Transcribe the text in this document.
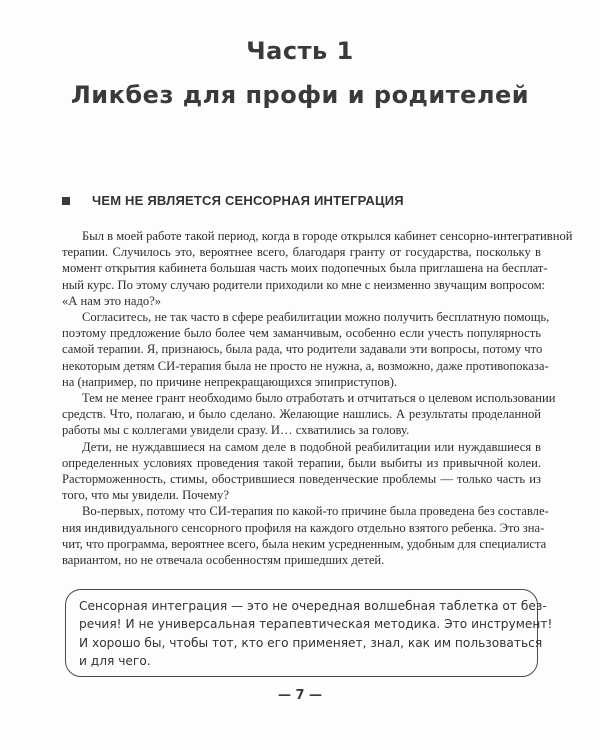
Часть 1
Ликбез для профи и родителей
ЧЕМ НЕ ЯВЛЯЕТСЯ СЕНСОРНАЯ ИНТЕГРАЦИЯ
Был в моей работе такой период, когда в городе открылся кабинет сенсорно-интегративной
терапии. Случилось это, вероятнее всего, благодаря гранту от государства, поскольку в
момент открытия кабинета большая часть моих подопечных была приглашена на бесплат-
ный курс. По этому случаю родители приходили ко мне с неизменно звучащим вопросом:
«А нам это надо?»
Согласитесь, не так часто в сфере реабилитации можно получить бесплатную помощь,
поэтому предложение было более чем заманчивым, особенно если учесть популярность
самой терапии. Я, признаюсь, была рада, что родители задавали эти вопросы, потому что
некоторым детям СИ-терапия была не просто не нужна, а, возможно, даже противопоказа-
на (например, по причине непрекращающихся эпиприступов).
Тем не менее грант необходимо было отработать и отчитаться о целевом использовании
средств. Что, полагаю, и было сделано. Желающие нашлись. А результаты проделанной
работы мы с коллегами увидели сразу. И… схватились за голову.
Дети, не нуждавшиеся на самом деле в подобной реабилитации или нуждавшиеся в
определенных условиях проведения такой терапии, были выбиты из привычной колеи.
Расторможенность, стимы, обострившиеся поведенческие проблемы — только часть из
того, что мы увидели. Почему?
Во-первых, потому что СИ-терапия по какой-то причине была проведена без составле-
ния индивидуального сенсорного профиля на каждого отдельно взятого ребенка. Это зна-
чит, что программа, вероятнее всего, была неким усредненным, удобным для специалиста
вариантом, но не отвечала особенностям пришедших детей.
Сенсорная интеграция — это не очередная волшебная таблетка от без-
речия! И не универсальная терапевтическая методика. Это инструмент!
И хорошо бы, чтобы тот, кто его применяет, знал, как им пользоваться
и для чего.
— 7 —
